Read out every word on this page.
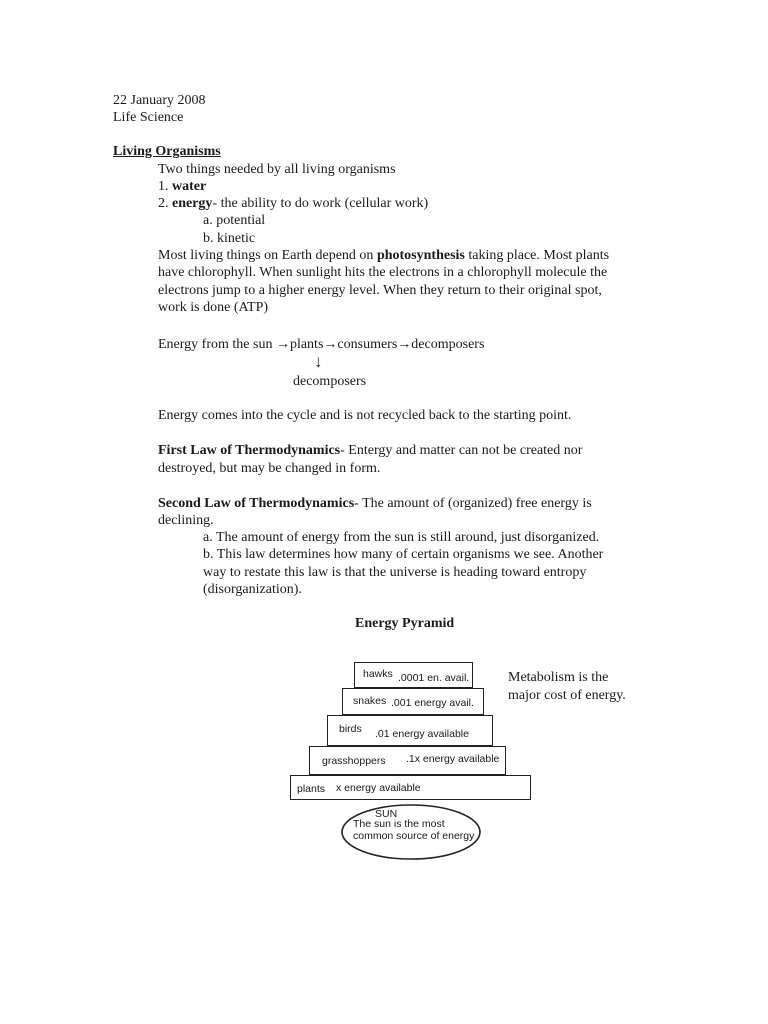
22 January 2008
Life Science
Living Organisms
Two things needed by all living organisms
1. water
2. energy- the ability to do work (cellular work)
a. potential
b. kinetic
Most living things on Earth depend on photosynthesis taking place. Most plants
have chlorophyll. When sunlight hits the electrons in a chlorophyll molecule the
electrons jump to a higher energy level. When they return to their original spot,
work is done (ATP)
Energy from the sun →plants→consumers→decomposers
↓
decomposers
Energy comes into the cycle and is not recycled back to the starting point.
First Law of Thermodynamics- Entergy and matter can not be created nor
destroyed, but may be changed in form.
Second Law of Thermodynamics- The amount of (organized) free energy is
declining.
a. The amount of energy from the sun is still around, just disorganized.
b. This law determines how many of certain organisms we see. Another
way to restate this law is that the universe is heading toward entropy
(disorganization).
Energy Pyramid
Metabolism is the
major cost of energy.
hawks .0001 en. avail.
snakes .001 energy avail.
birds .01 energy available
grasshoppers .1x energy available
plants x energy available
SUN
The sun is the most
common source of energy
